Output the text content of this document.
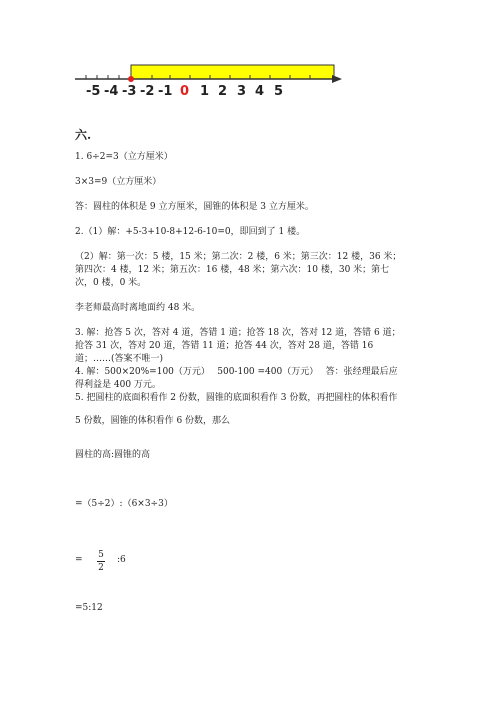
-5 -4 -3 -2 -1 0 1 2 3 4 5
六.
1. 6÷2=3（立方厘米）
3×3=9（立方厘米）
答：圆柱的体积是 9 立方厘米，圆锥的体积是 3 立方厘米。
2.（1）解：+5-3+10-8+12-6-10=0，即回到了 1 楼。
（2）解：第一次：5 楼，15 米；第二次：2 楼，6 米；第三次：12 楼，36 米；
第四次：4 楼，12 米；第五次：16 楼，48 米；第六次：10 楼，30 米；第七
次，0 楼，0 米。
李老师最高时离地面约 48 米。
3. 解：抢答 5 次，答对 4 道，答错 1 道；抢答 18 次，答对 12 道，答错 6 道；
抢答 31 次，答对 20 道，答错 11 道；抢答 44 次，答对 28 道，答错 16
道；……(答案不唯一)
4. 解：500×20%=100（万元）　 500-100 =400（万元）　 答：张经理最后应
得利益是 400 万元。
5. 把圆柱的底面积看作 2 份数，圆锥的底面积看作 3 份数，再把圆柱的体积看作
5 份数，圆锥的体积看作 6 份数，那么
圆柱的高:圆锥的高
=（5÷2）:（6×3÷3）
= 5
2
:6
=5:12
